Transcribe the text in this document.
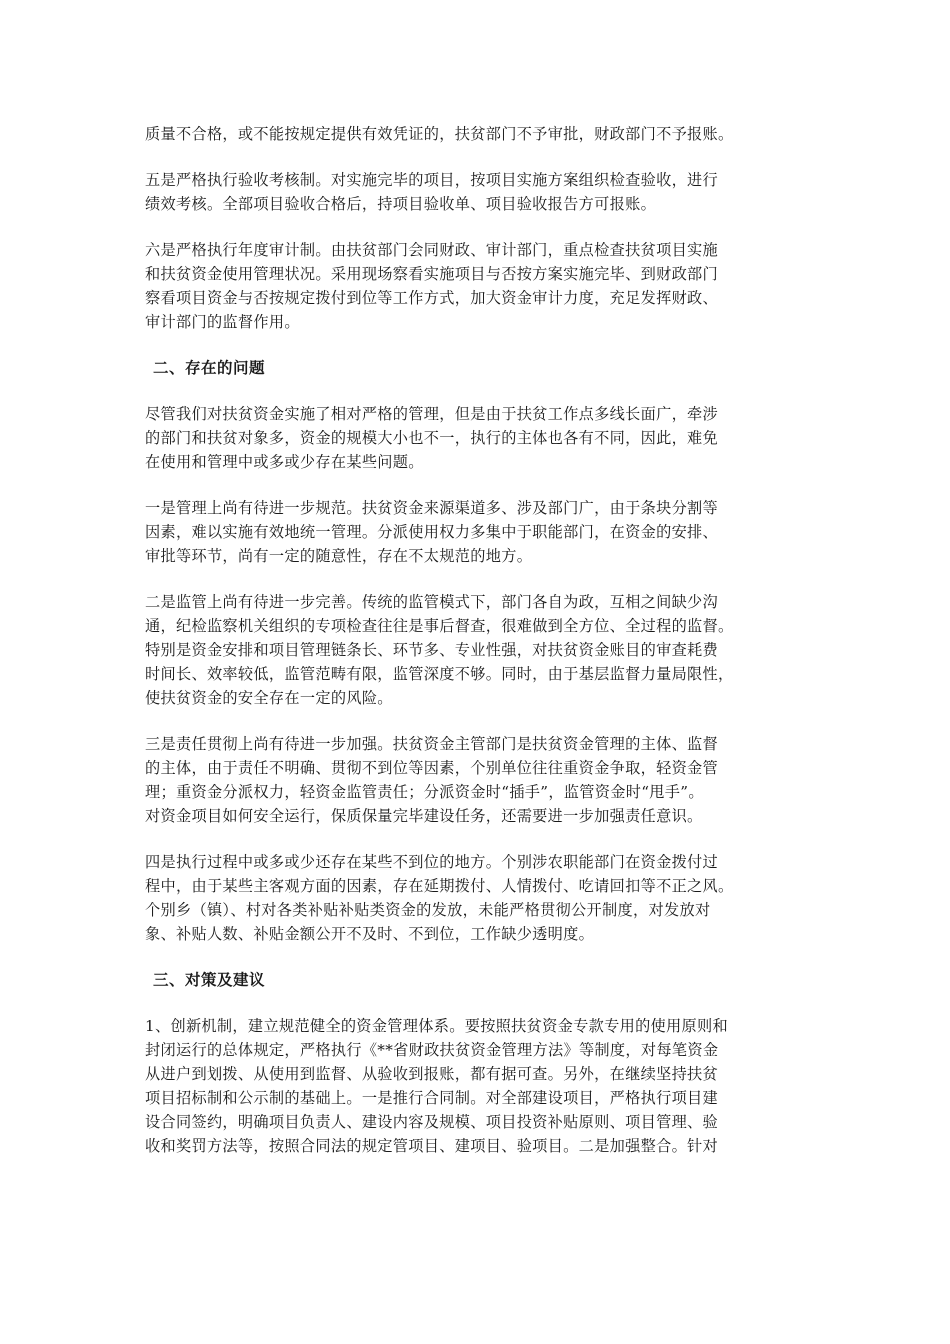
质量不合格，或不能按规定提供有效凭证的，扶贫部门不予审批，财政部门不予报账。
五是严格执行验收考核制。对实施完毕的项目，按项目实施方案组织检查验收，进行
绩效考核。全部项目验收合格后，持项目验收单、项目验收报告方可报账。
六是严格执行年度审计制。由扶贫部门会同财政、审计部门，重点检查扶贫项目实施
和扶贫资金使用管理状况。采用现场察看实施项目与否按方案实施完毕、到财政部门
察看项目资金与否按规定拨付到位等工作方式，加大资金审计力度，充足发挥财政、
审计部门的监督作用。
二、存在的问题
尽管我们对扶贫资金实施了相对严格的管理，但是由于扶贫工作点多线长面广，牵涉
的部门和扶贫对象多，资金的规模大小也不一，执行的主体也各有不同，因此，难免
在使用和管理中或多或少存在某些问题。
一是管理上尚有待进一步规范。扶贫资金来源渠道多、涉及部门广，由于条块分割等
因素，难以实施有效地统一管理。分派使用权力多集中于职能部门，在资金的安排、
审批等环节，尚有一定的随意性，存在不太规范的地方。
二是监管上尚有待进一步完善。传统的监管模式下，部门各自为政，互相之间缺少沟
通，纪检监察机关组织的专项检查往往是事后督查，很难做到全方位、全过程的监督。
特别是资金安排和项目管理链条长、环节多、专业性强，对扶贫资金账目的审查耗费
时间长、效率较低，监管范畴有限，监管深度不够。同时，由于基层监督力量局限性，
使扶贫资金的安全存在一定的风险。
三是责任贯彻上尚有待进一步加强。扶贫资金主管部门是扶贫资金管理的主体、监督
的主体，由于责任不明确、贯彻不到位等因素，个别单位往往重资金争取，轻资金管
理；重资金分派权力，轻资金监管责任；分派资金时“插手”，监管资金时“甩手”。
对资金项目如何安全运行，保质保量完毕建设任务，还需要进一步加强责任意识。
四是执行过程中或多或少还存在某些不到位的地方。个别涉农职能部门在资金拨付过
程中，由于某些主客观方面的因素，存在延期拨付、人情拨付、吃请回扣等不正之风。
个别乡（镇）、村对各类补贴补贴类资金的发放，未能严格贯彻公开制度，对发放对
象、补贴人数、补贴金额公开不及时、不到位，工作缺少透明度。
三、对策及建议
1、创新机制，建立规范健全的资金管理体系。要按照扶贫资金专款专用的使用原则和
封闭运行的总体规定，严格执行《**省财政扶贫资金管理方法》等制度，对每笔资金
从进户到划拨、从使用到监督、从验收到报账，都有据可查。另外，在继续坚持扶贫
项目招标制和公示制的基础上。一是推行合同制。对全部建设项目，严格执行项目建
设合同签约，明确项目负责人、建设内容及规模、项目投资补贴原则、项目管理、验
收和奖罚方法等，按照合同法的规定管项目、建项目、验项目。二是加强整合。针对
